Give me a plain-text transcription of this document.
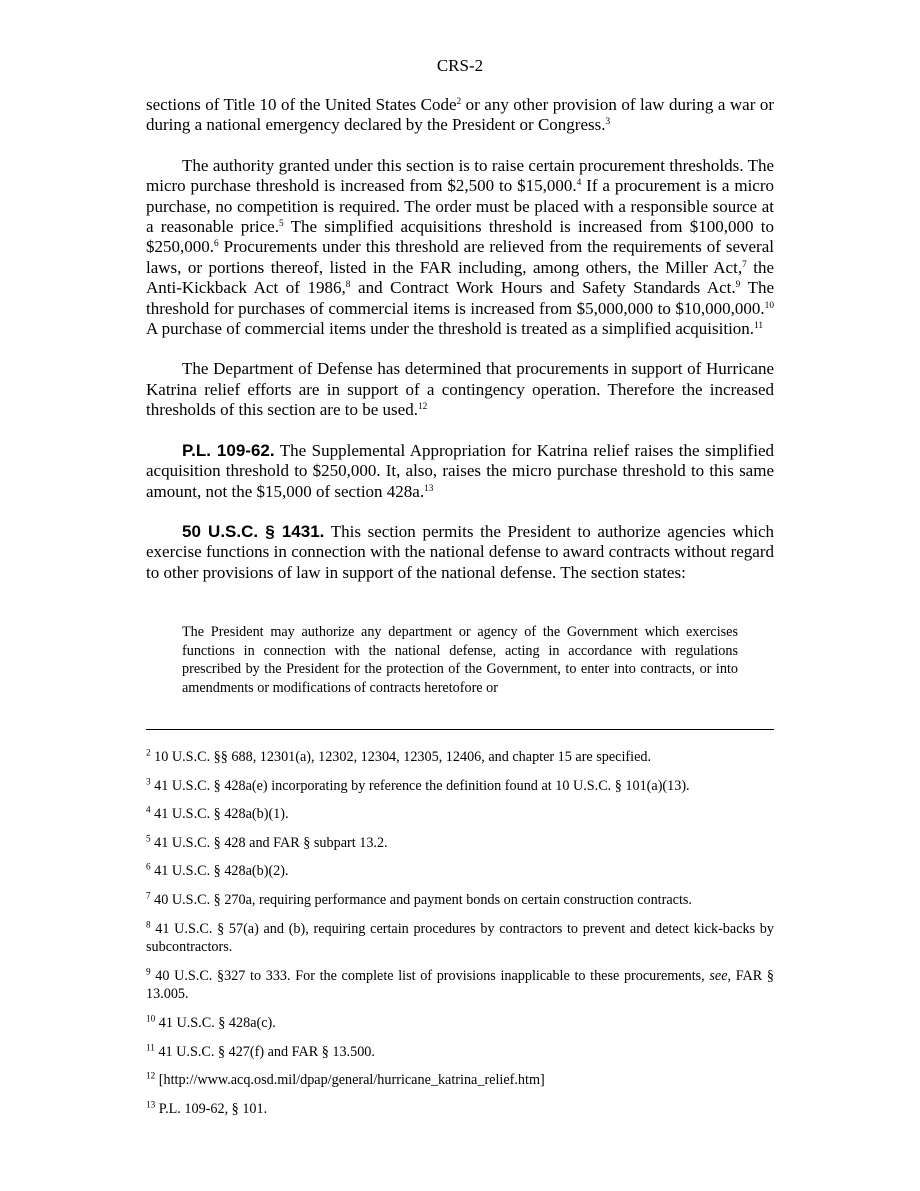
CRS-2

sections of Title 10 of the United States Code$^2$ or any other provision of law during a war or during a national emergency declared by the President or Congress.$^3$

The authority granted under this section is to raise certain procurement thresholds. The micro purchase threshold is increased from $2,500 to $15,000.$^4$ If a procurement is a micro purchase, no competition is required. The order must be placed with a responsible source at a reasonable price.$^5$ The simplified acquisitions threshold is increased from $100,000 to $250,000.$^6$ Procurements under this threshold are relieved from the requirements of several laws, or portions thereof, listed in the FAR including, among others, the Miller Act,$^7$ the Anti-Kickback Act of 1986,$^8$ and Contract Work Hours and Safety Standards Act.$^9$ The threshold for purchases of commercial items is increased from $5,000,000 to $10,000,000.10 A purchase of commercial items under the threshold is treated as a simplified acquisition.$^{11}$

The Department of Defense has determined that procurements in support of Hurricane Katrina relief efforts are in support of a contingency operation. Therefore the increased thresholds of this section are to be used.$^{12}$

P.L. 109-62. The Supplemental Appropriation for Katrina relief raises the simplified acquisition threshold to $250,000. It, also, raises the micro purchase threshold to this same amount, not the $15,000 of section 428a.$^{13}$

50 U.S.C. § 1431. This section permits the President to authorize agencies which exercise functions in connection with the national defense to award contracts without regard to other provisions of law in support of the national defense. The section states:

The President may authorize any department or agency of the Government which exercises functions in connection with the national defense, acting in accordance with regulations prescribed by the President for the protection of the Government, to enter into contracts, or into amendments or modifications of contracts heretofore or

$^2$ 10 U.S.C. §§ 688, 12301(a), 12302, 12304, 12305, 12406, and chapter 15 are specified.

$^3$ 41 U.S.C. § 428a(e) incorporating by reference the definition found at 10 U.S.C. § 101(a)(13).

$^4$ 41 U.S.C. § 428a(b)(1).

$^5$ 41 U.S.C. § 428 and FAR § subpart 13.2.

$^6$ 41 U.S.C. § 428a(b)(2).

$^7$ 40 U.S.C. § 270a, requiring performance and payment bonds on certain construction contracts.

$^8$ 41 U.S.C. § 57(a) and (b), requiring certain procedures by contractors to prevent and detect kick-backs by subcontractors.

$^9$ 40 U.S.C. §327 to 333. For the complete list of provisions inapplicable to these procurements, see, FAR § 13.005.

$^{10}$ 41 U.S.C. § 428a(c).

$^{11}$ 41 U.S.C. § 427(f) and FAR § 13.500.

$^{12}$ [http://www.acq.osd.mil/dpap/general/hurricane_katrina_relief.htm]

$^{13}$ P.L. 109-62, § 101.
